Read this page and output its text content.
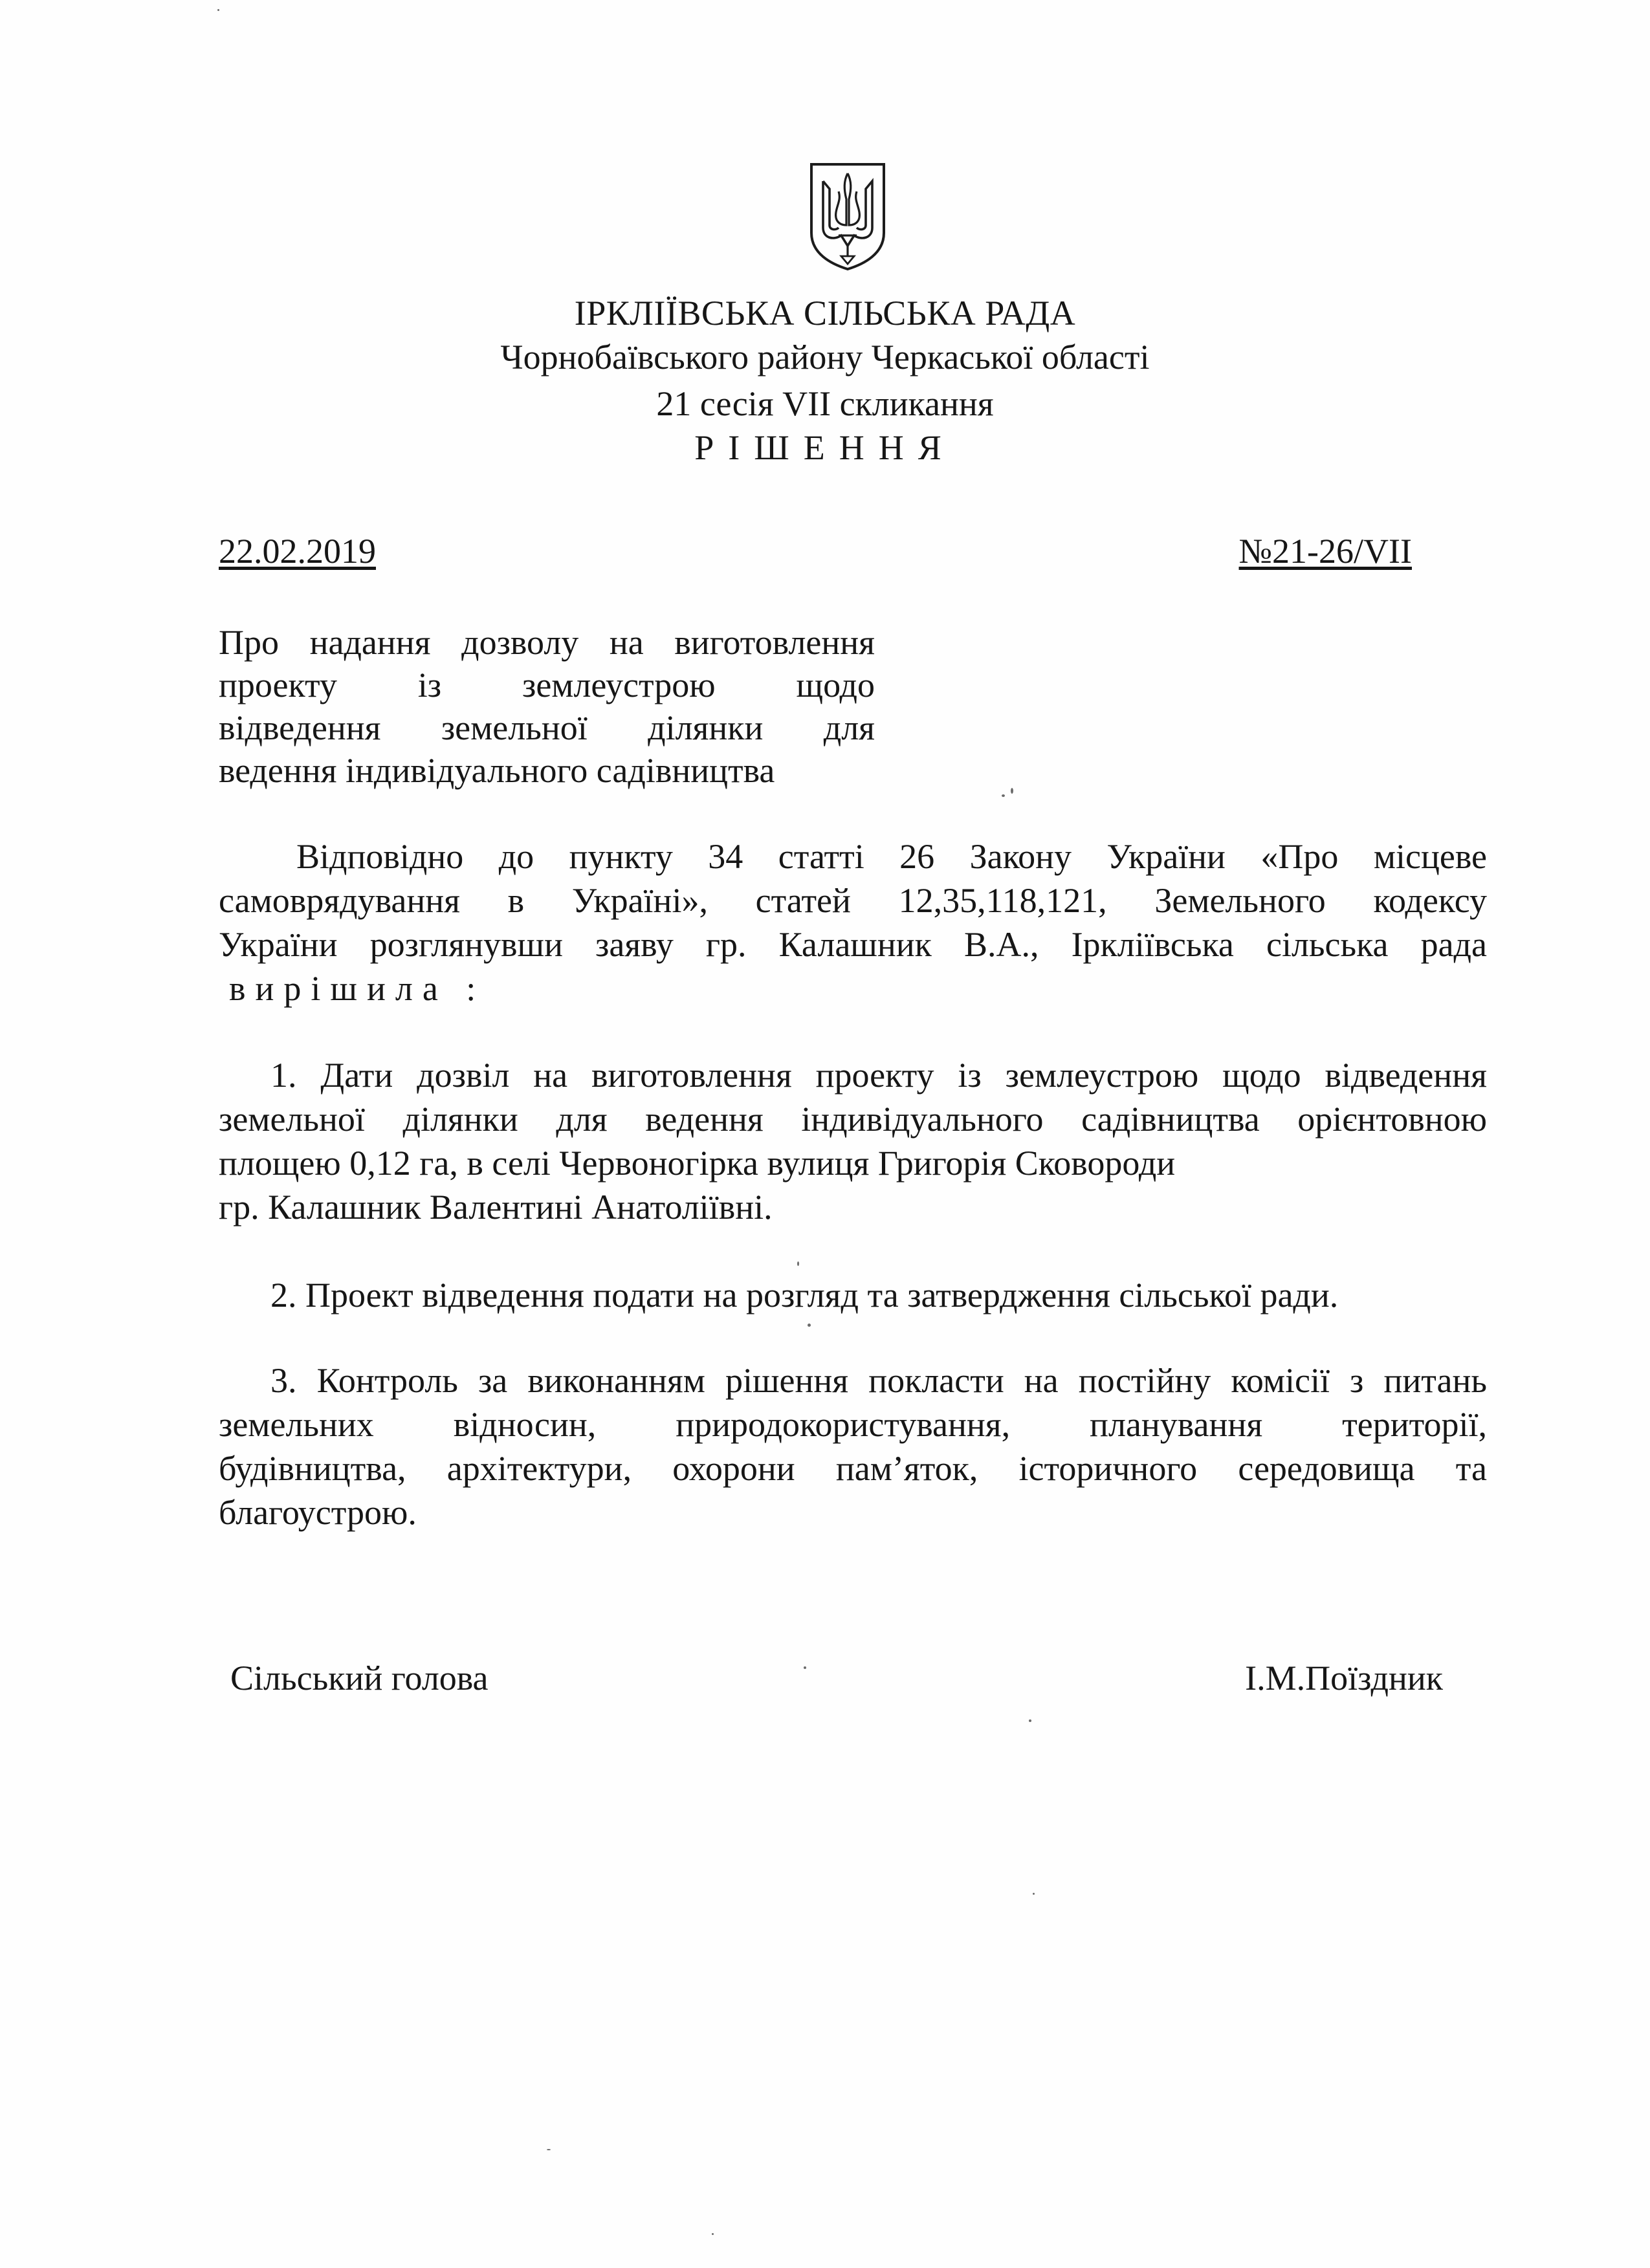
ІРКЛІЇВСЬКА СІЛЬСЬКА РАДА
Чорнобаївського району Черкаської області
21 сесія VII скликання
РІШЕННЯ
22.02.2019	№21-26/VII
Про надання дозволу на виготовлення
проекту із землеустрою щодо
відведення земельної ділянки для
ведення індивідуального садівництва
Відповідно до пункту 34 статті 26 Закону України «Про місцеве
самоврядування в Україні», статей 12,35,118,121, Земельного кодексу
України розглянувши заяву гр. Калашник В.А., Ірклiївська сільська рада
вирішила :
1. Дати дозвіл на виготовлення проекту із землеустрою щодо відведення
земельної ділянки для ведення індивідуального садівництва орієнтовною
площею 0,12 га, в селі Червоногірка вулиця Григорія Сковороди
гр. Калашник Валентині Анатоліївні.
2. Проект відведення подати на розгляд та затвердження сільської ради.
3. Контроль за виконанням рішення покласти на постійну комісії з питань
земельних відносин, природокористування, планування території,
будівництва, архітектури, охорони пам’яток, історичного середовища та
благоустрою.
Сільський голова	І.М.Поїздник
